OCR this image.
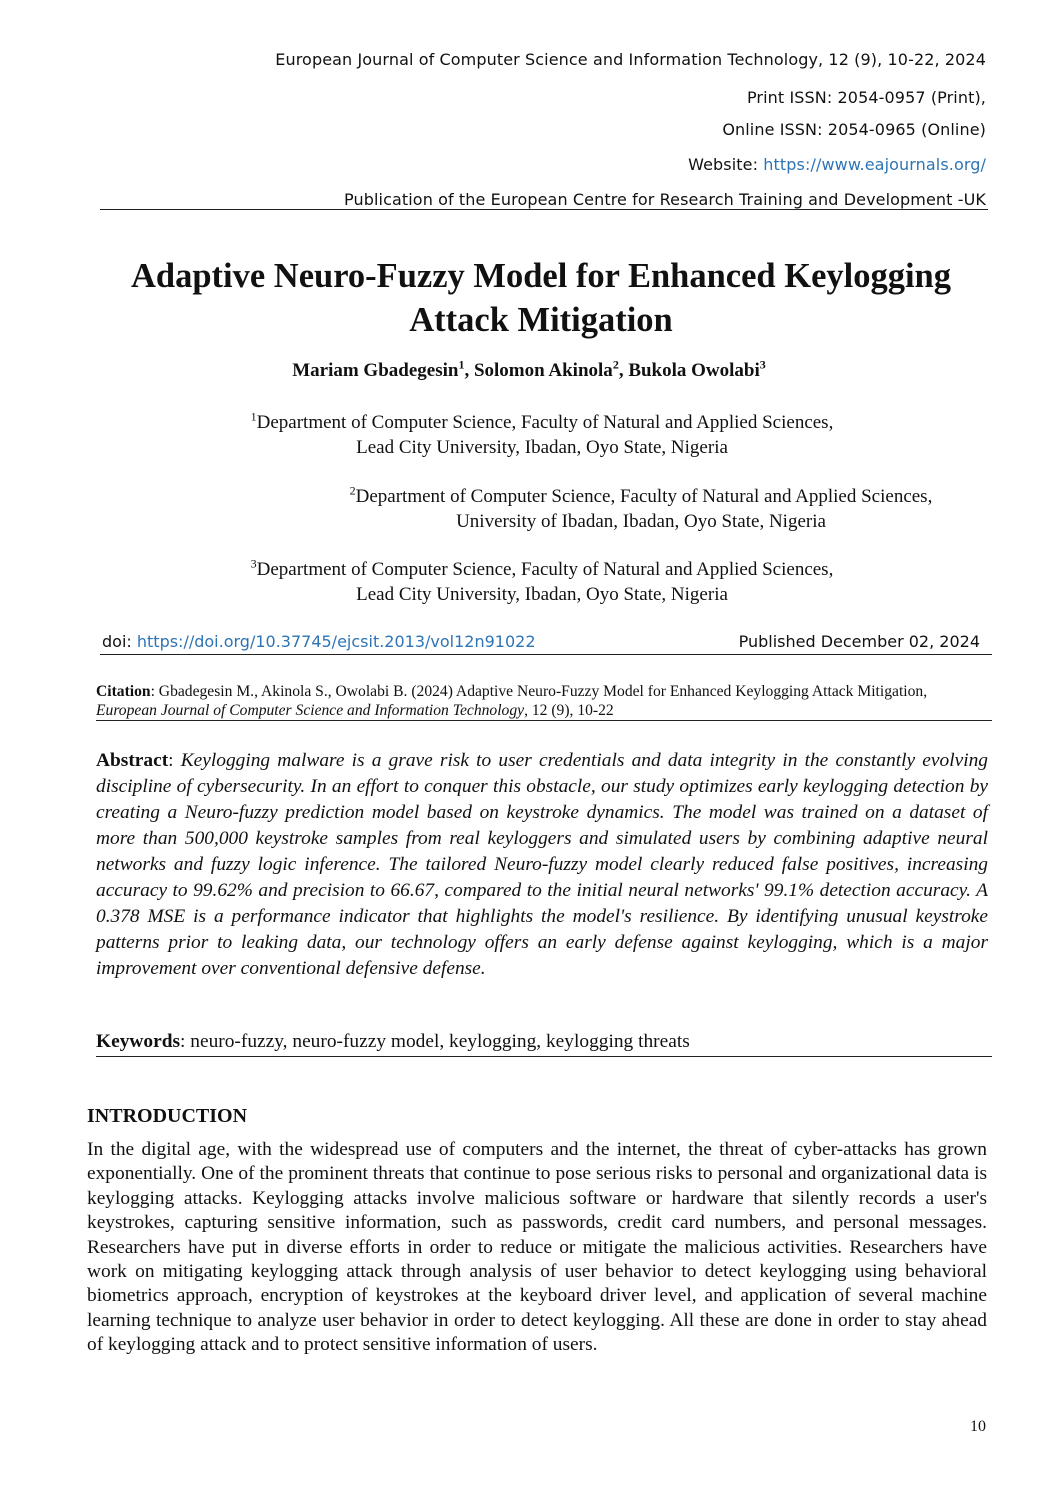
European Journal of Computer Science and Information Technology, 12 (9), 10-22, 2024
Print ISSN: 2054-0957 (Print),
Online ISSN: 2054-0965 (Online)
Website: https://www.eajournals.org/
Publication of the European Centre for Research Training and Development -UK
Adaptive Neuro-Fuzzy Model for Enhanced Keylogging
Attack Mitigation
Mariam Gbadegesin$^1$, Solomon Akinola$^2$, Bukola Owolabi$^3$
$^1$Department of Computer Science, Faculty of Natural and Applied Sciences,
Lead City University, Ibadan, Oyo State, Nigeria
$^2$Department of Computer Science, Faculty of Natural and Applied Sciences,
University of Ibadan, Ibadan, Oyo State, Nigeria
$^3$Department of Computer Science, Faculty of Natural and Applied Sciences,
Lead City University, Ibadan, Oyo State, Nigeria
doi: https://doi.org/10.37745/ejcsit.2013/vol12n91022	Published December 02, 2024
Citation: Gbadegesin M., Akinola S., Owolabi B. (2024) Adaptive Neuro-Fuzzy Model for Enhanced Keylogging Attack Mitigation, European Journal of Computer Science and Information Technology, 12 (9), 10-22
Abstract: Keylogging malware is a grave risk to user credentials and data integrity in the constantly evolving discipline of cybersecurity. In an effort to conquer this obstacle, our study optimizes early keylogging detection by creating a Neuro-fuzzy prediction model based on keystroke dynamics. The model was trained on a dataset of more than 500,000 keystroke samples from real keyloggers and simulated users by combining adaptive neural networks and fuzzy logic inference. The tailored Neuro-fuzzy model clearly reduced false positives, increasing accuracy to 99.62% and precision to 66.67, compared to the initial neural networks' 99.1% detection accuracy. A 0.378 MSE is a performance indicator that highlights the model's resilience. By identifying unusual keystroke patterns prior to leaking data, our technology offers an early defense against keylogging, which is a major improvement over conventional defensive defense.
Keywords: neuro-fuzzy, neuro-fuzzy model, keylogging, keylogging threats
INTRODUCTION
In the digital age, with the widespread use of computers and the internet, the threat of cyber-attacks has grown exponentially. One of the prominent threats that continue to pose serious risks to personal and organizational data is keylogging attacks. Keylogging attacks involve malicious software or hardware that silently records a user's keystrokes, capturing sensitive information, such as passwords, credit card numbers, and personal messages. Researchers have put in diverse efforts in order to reduce or mitigate the malicious activities. Researchers have work on mitigating keylogging attack through analysis of user behavior to detect keylogging using behavioral biometrics approach, encryption of keystrokes at the keyboard driver level, and application of several machine learning technique to analyze user behavior in order to detect keylogging. All these are done in order to stay ahead of keylogging attack and to protect sensitive information of users.
10
